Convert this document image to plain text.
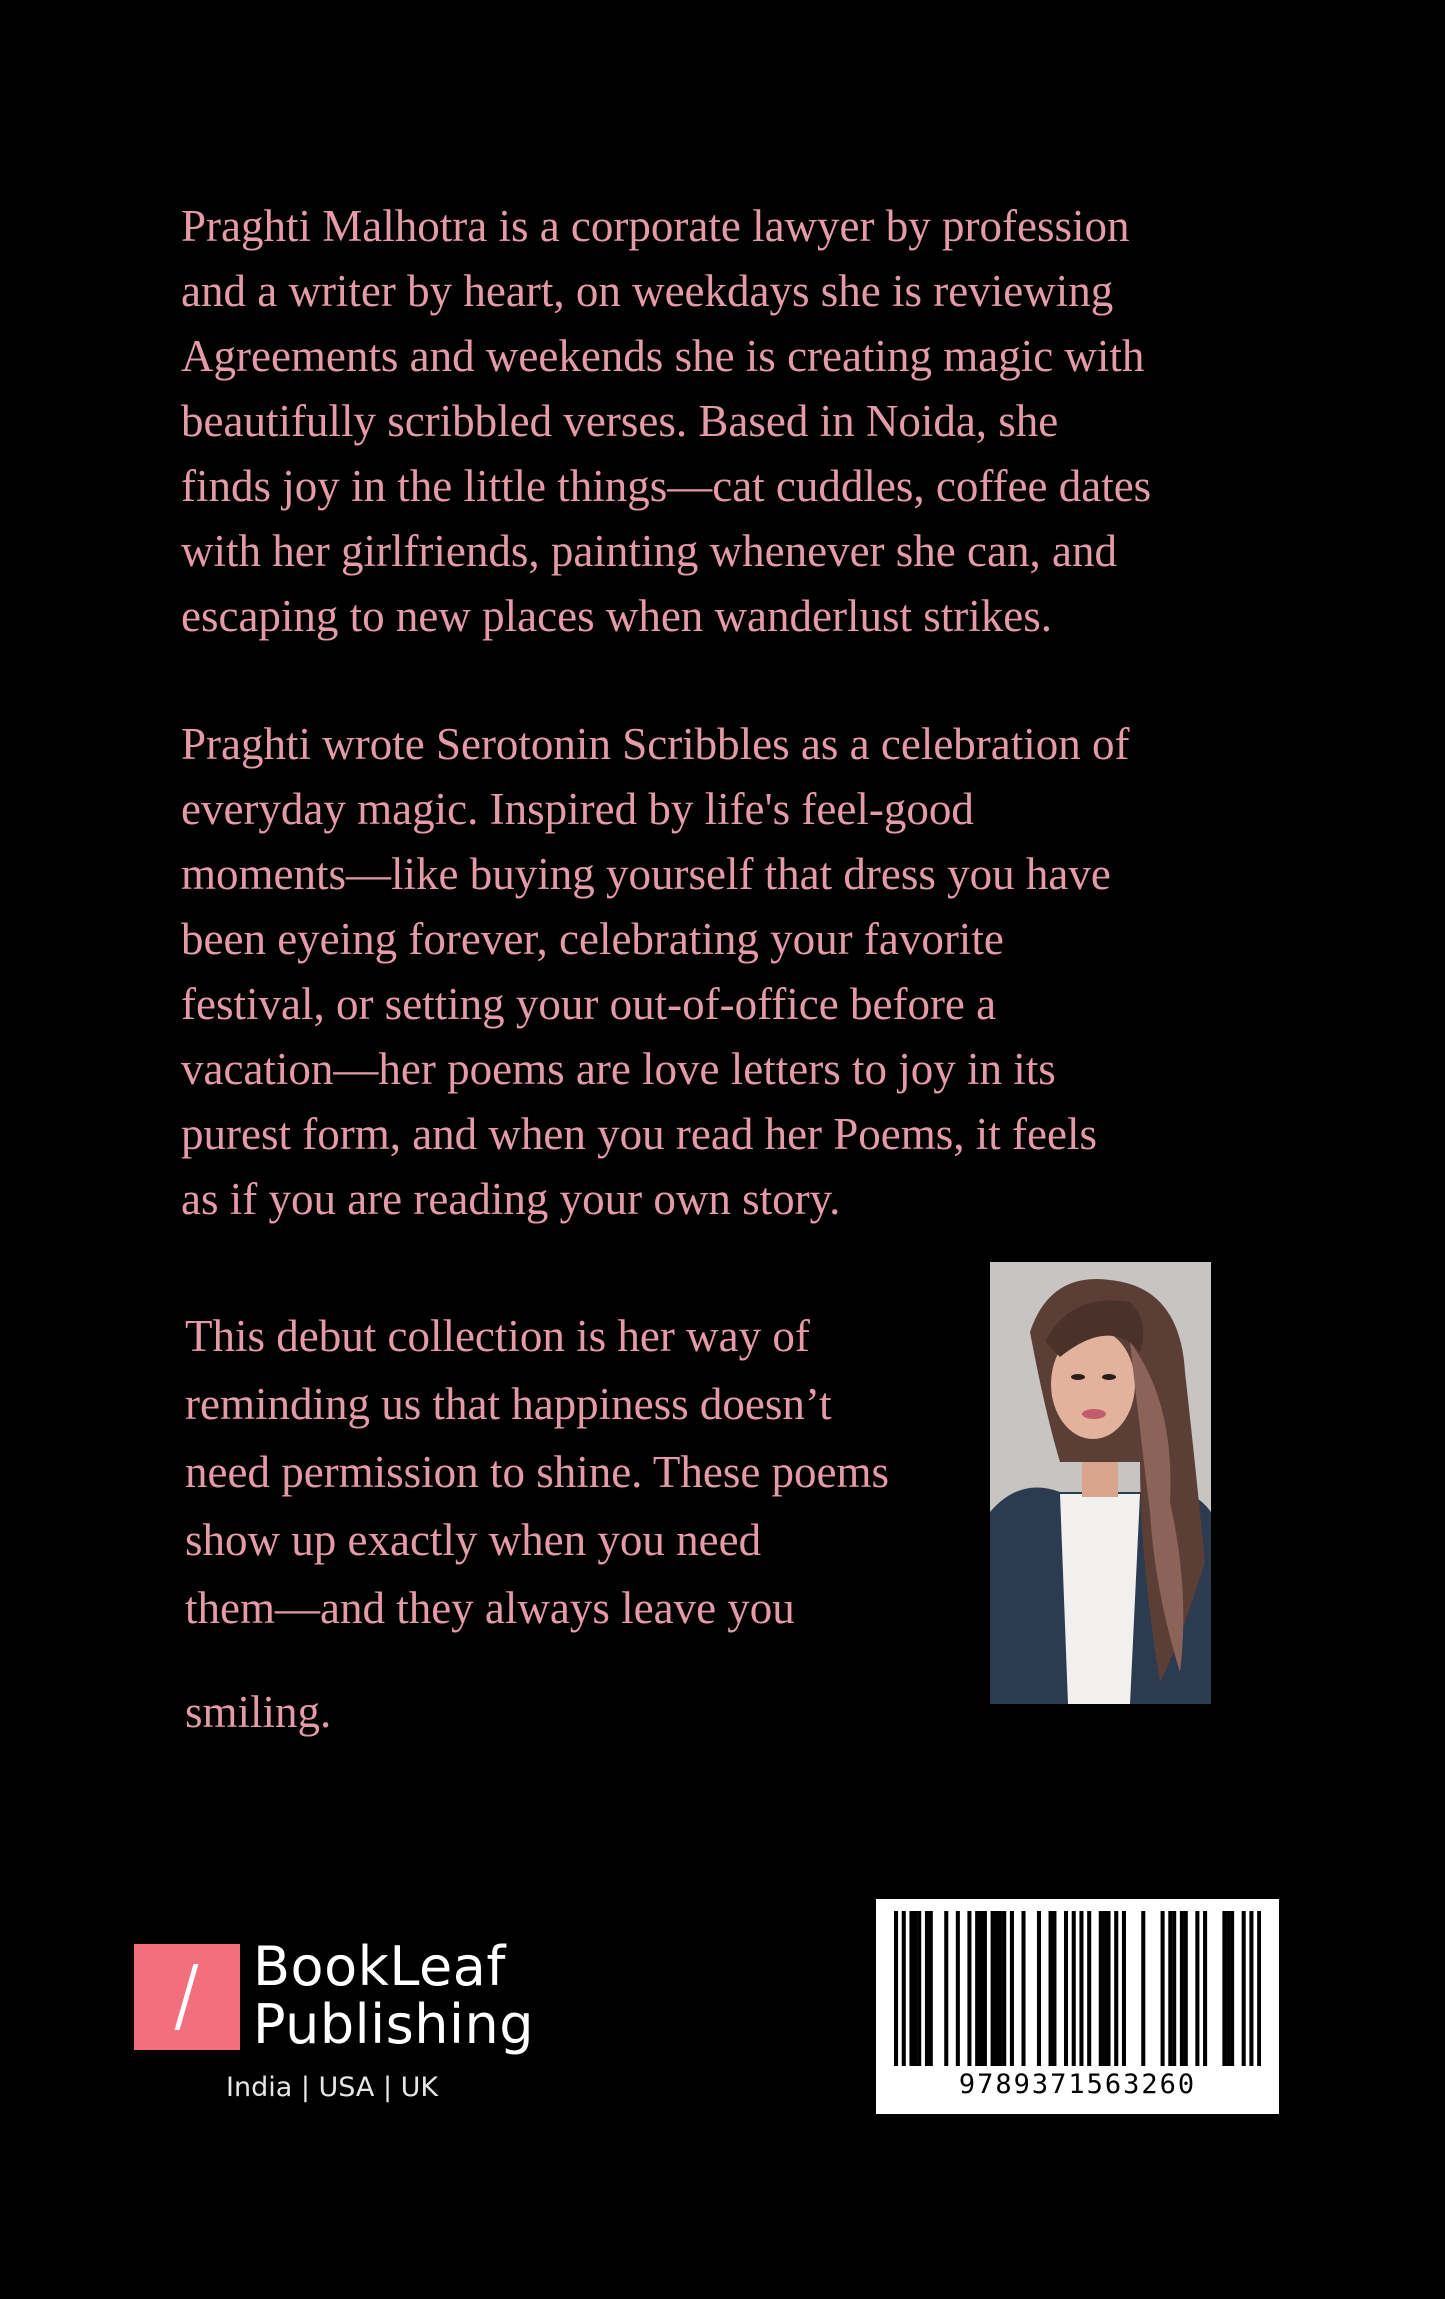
Praghti Malhotra is a corporate lawyer by profession
and a writer by heart, on weekdays she is reviewing
Agreements and weekends she is creating magic with
beautifully scribbled verses. Based in Noida, she
finds joy in the little things—cat cuddles, coffee dates
with her girlfriends, painting whenever she can, and
escaping to new places when wanderlust strikes.

Praghti wrote Serotonin Scribbles as a celebration of
everyday magic. Inspired by life's feel-good
moments—like buying yourself that dress you have
been eyeing forever, celebrating your favorite
festival, or setting your out-of-office before a
vacation—her poems are love letters to joy in its
purest form, and when you read her Poems, it feels
as if you are reading your own story.

This debut collection is her way of
reminding us that happiness doesn’t
need permission to shine. These poems
show up exactly when you need
them—and they always leave you

smiling.

BookLeaf
Publishing
India | USA | UK	9789371563260
